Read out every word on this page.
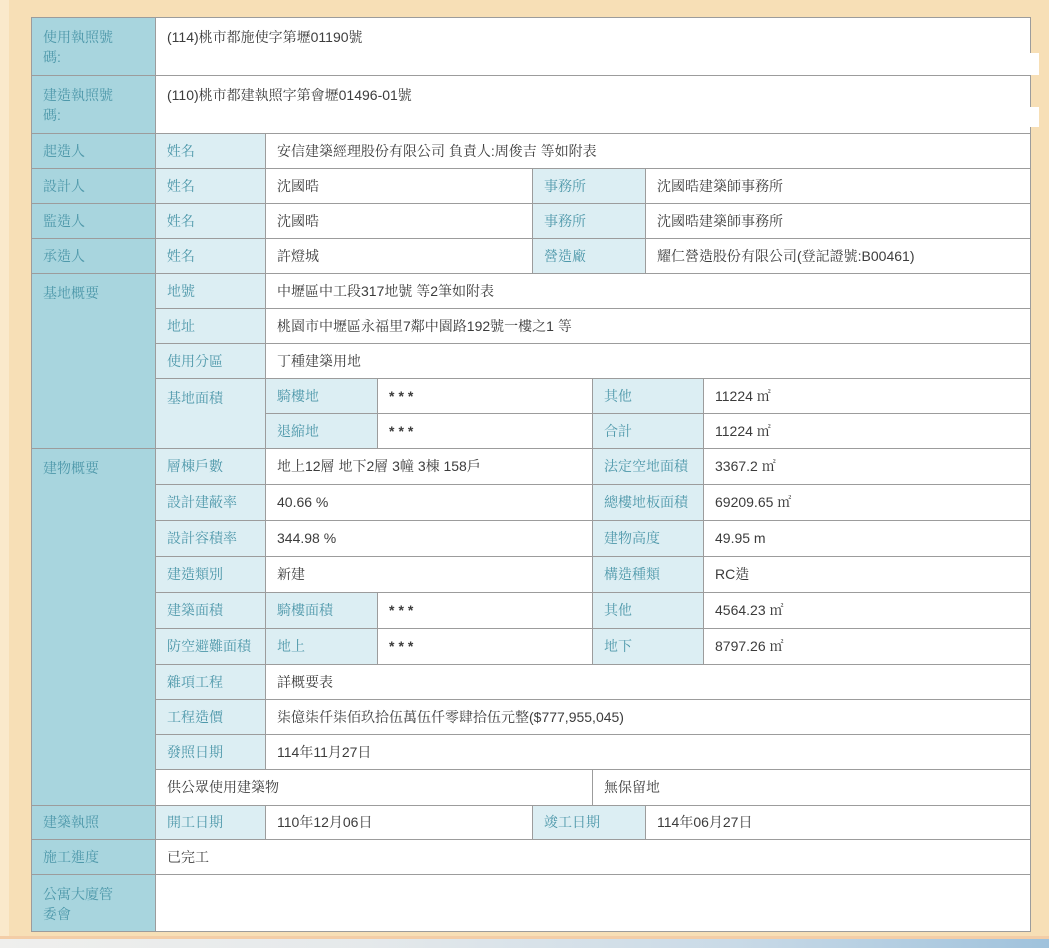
使用執照號碼:	(114)桃市都施使字第壢01190號						
建造執照號碼:	(110)桃市都建執照字第會壢01496-01號						
起造人	姓名	安信建築經理股份有限公司 負責人:周俊吉 等如附表					
設計人	姓名	沈國晧		事務所		沈國晧建築師事務所	
監造人	姓名	沈國晧		事務所		沈國晧建築師事務所	
承造人	姓名	許燈城		營造廠		耀仁營造股份有限公司(登記證號:B00461)	
基地概要	地號	中壢區中工段317地號 等2筆如附表					
	地址	桃園市中壢區永福里7鄰中園路192號一樓之1 等					
	使用分區	丁種建築用地					
	基地面積	騎樓地	***		其他		11224 ㎡
		退縮地	***		合計		11224 ㎡
建物概要	層棟戶數	地上12層 地下2層 3幢 3棟 158戶			法定空地面積		3367.2 ㎡
	設計建蔽率	40.66 %			總樓地板面積		69209.65 ㎡
	設計容積率	344.98 %			建物高度		49.95 m
	建造類別	新建			構造種類		RC造
	建築面積	騎樓面積	***		其他		4564.23 ㎡
	防空避難面積	地上	***		地下		8797.26 ㎡
	雜項工程	詳概要表					
	工程造價	柒億柒仟柒佰玖拾伍萬伍仟零肆拾伍元整($777,955,045)					
	發照日期	114年11月27日					
	供公眾使用建築物				無保留地		
建築執照	開工日期	110年12月06日		竣工日期		114年06月27日	
施工進度	已完工						
公寓大廈管委會							
